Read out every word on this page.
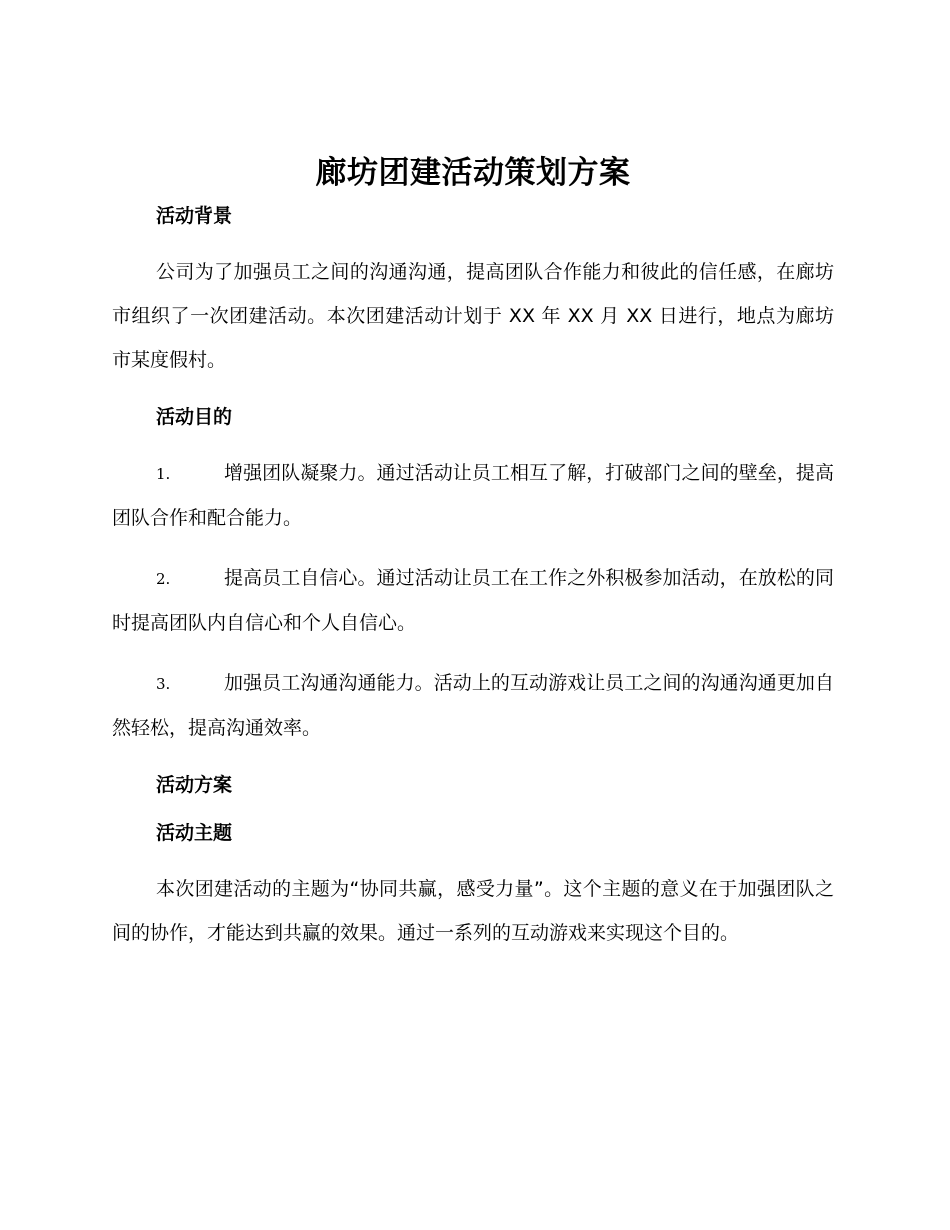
廊坊团建活动策划方案
活动背景

公司为了加强员工之间的沟通沟通，提高团队合作能力和彼此的信任感，在廊坊市组织了一次团建活动。本次团建活动计划于 XX 年 XX 月 XX 日进行，地点为廊坊市某度假村。

活动目的

1.	增强团队凝聚力。通过活动让员工相互了解，打破部门之间的壁垒，提高团队合作和配合能力。

2.	提高员工自信心。通过活动让员工在工作之外积极参加活动，在放松的同时提高团队内自信心和个人自信心。

3.	加强员工沟通沟通能力。活动上的互动游戏让员工之间的沟通沟通更加自然轻松，提高沟通效率。

活动方案
活动主题

本次团建活动的主题为“协同共赢，感受力量”。这个主题的意义在于加强团队之间的协作，才能达到共赢的效果。通过一系列的互动游戏来实现这个目的。
